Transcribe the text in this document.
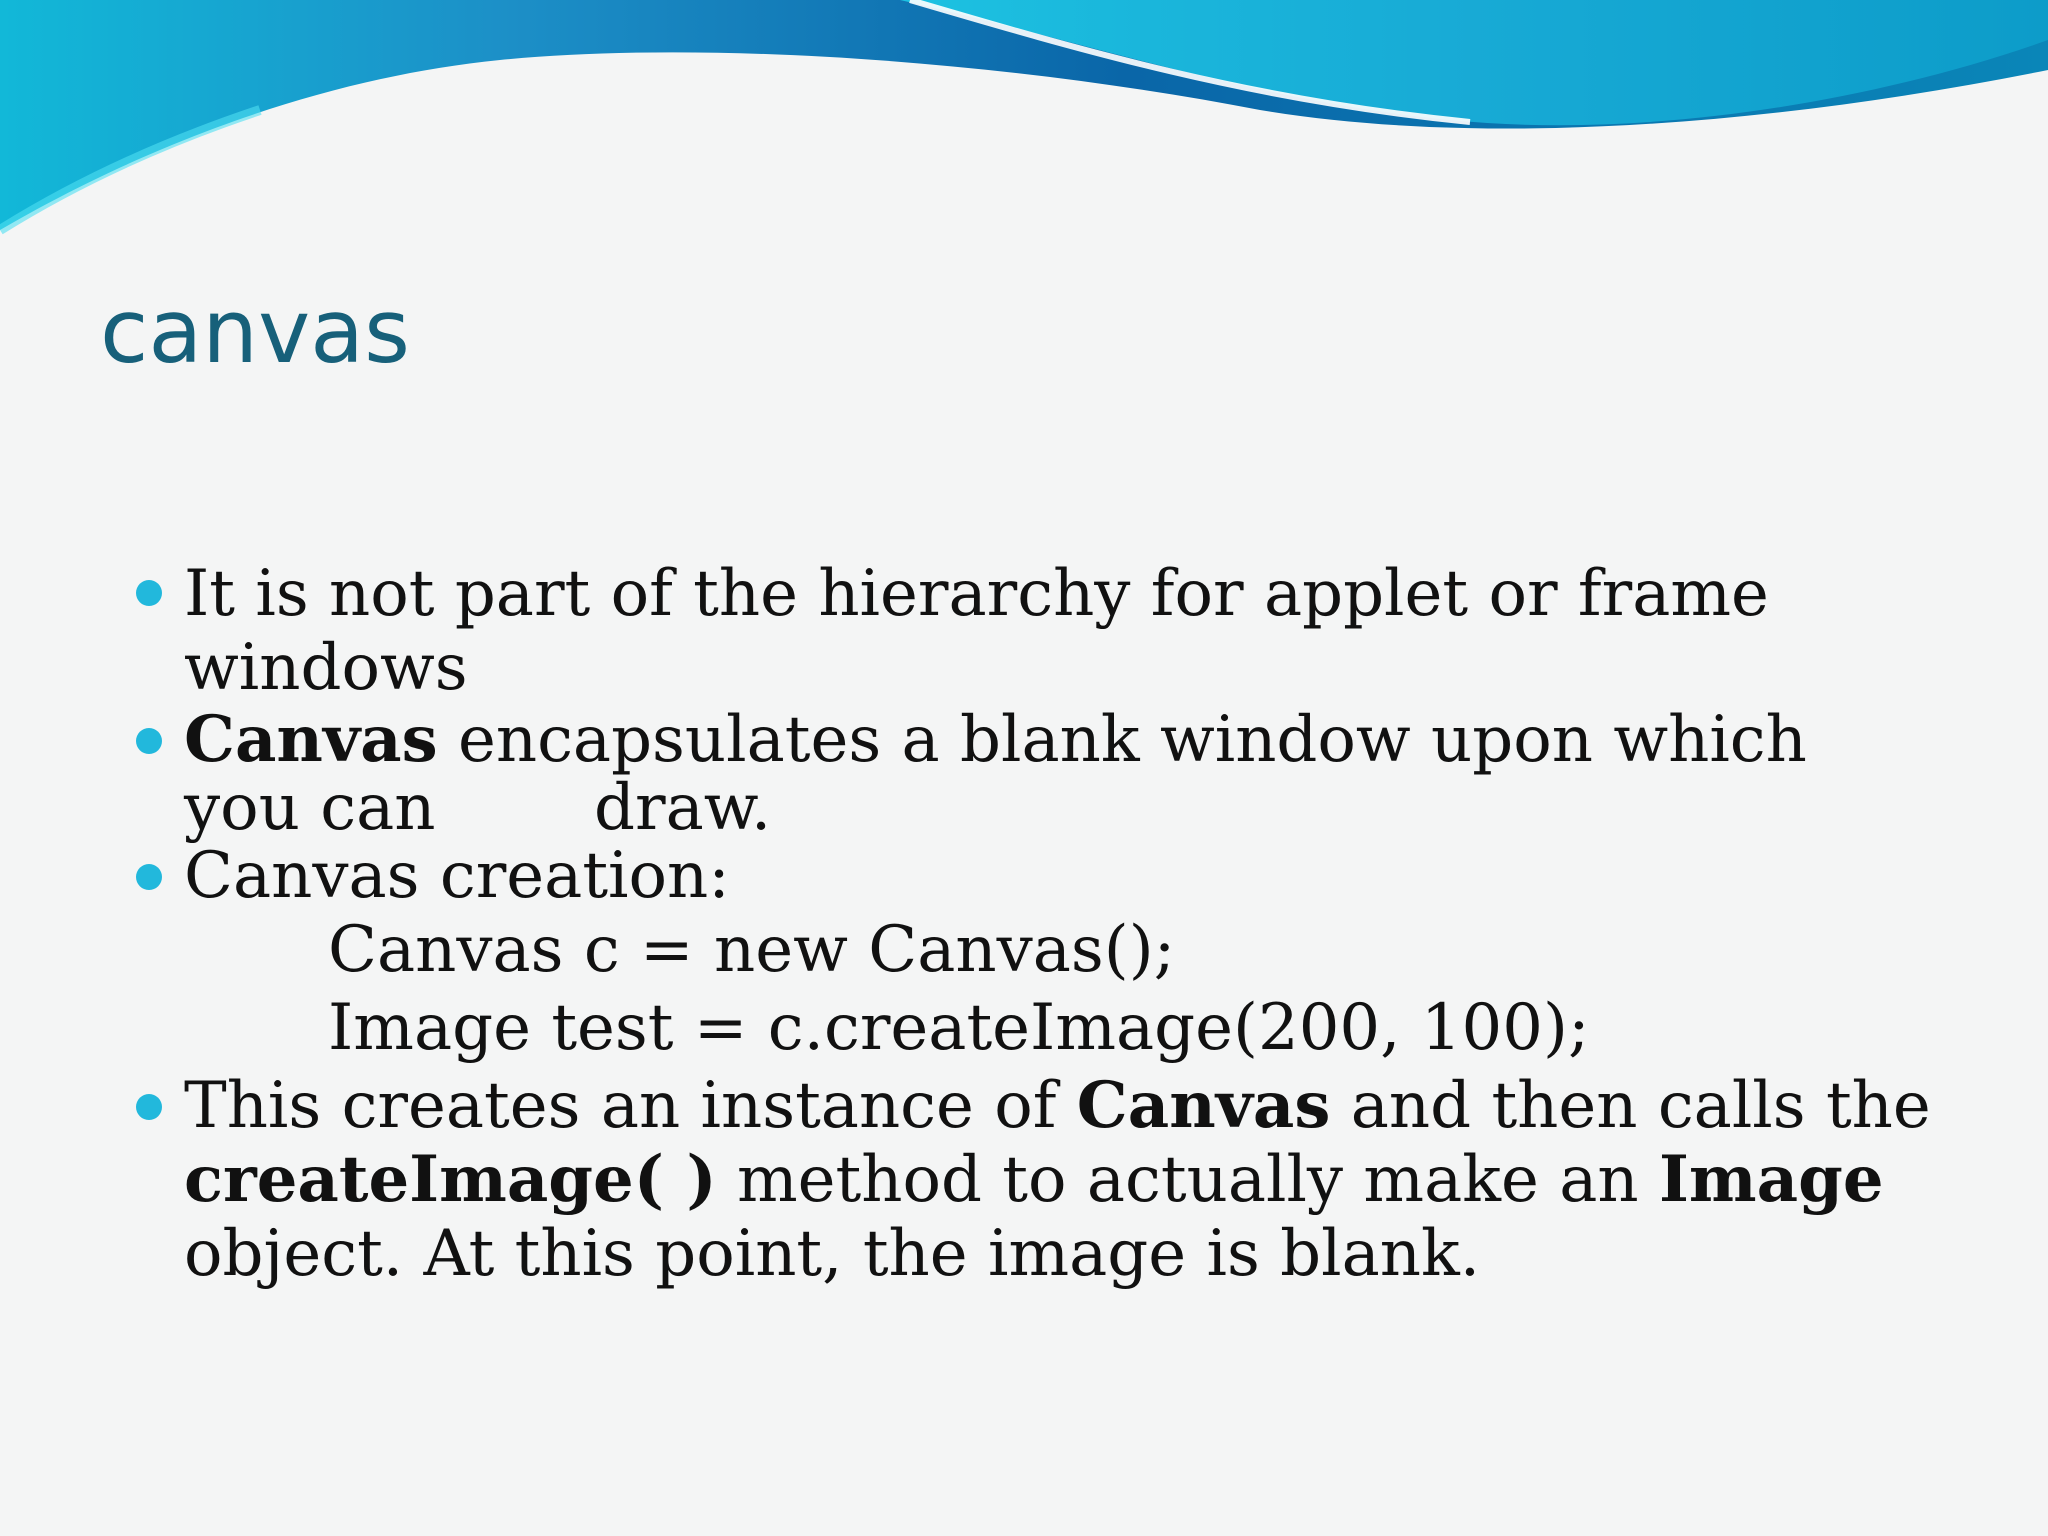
canvas
It is not part of the hierarchy for applet or frame
windows
Canvas encapsulates a blank window upon which
you can draw.
Canvas creation:
Canvas c = new Canvas();
Image test = c.createImage(200, 100);
This creates an instance of Canvas and then calls the
createImage( ) method to actually make an Image
object. At this point, the image is blank.
